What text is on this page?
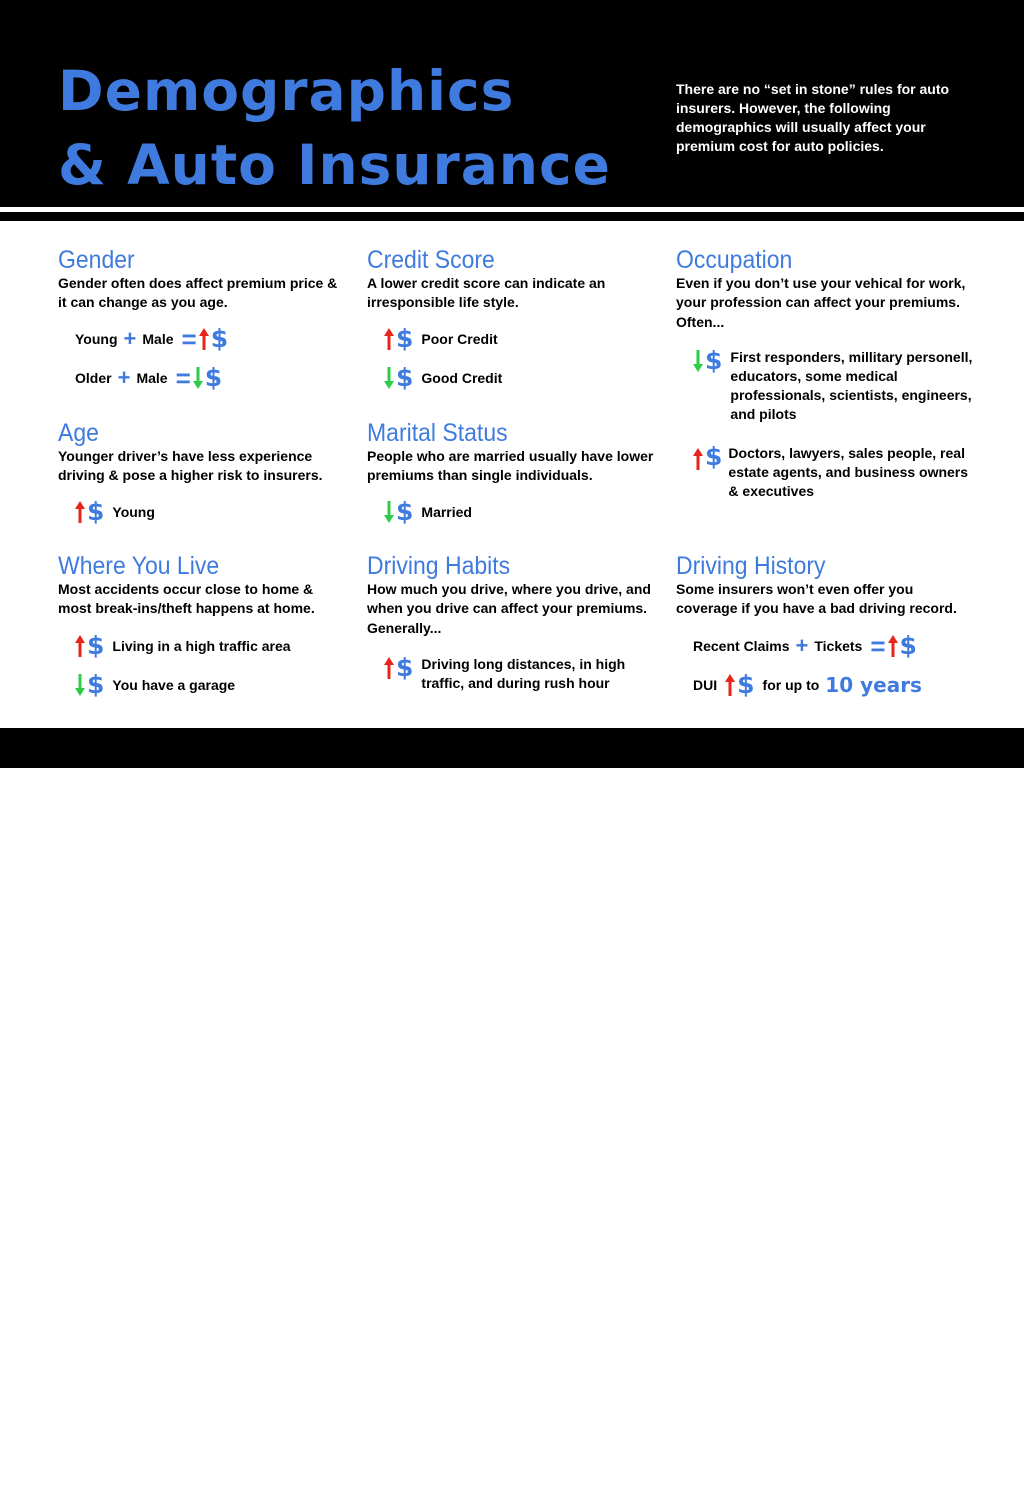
Demographics
& Auto Insurance

There are no “set in stone” rules for auto insurers. However, the following demographics will usually affect your premium cost for auto policies.

Gender

Gender often does affect premium price & it can change as you age.

Young + Male = $
Older + Male = $
Age

Younger driver’s have less experience driving & pose a higher risk to insurers.

$ Young
Where You Live

Most accidents occur close to home & most break-ins/theft happens at home.

$ Living in a high traffic area
$ You have a garage
Credit Score

A lower credit score can indicate an irresponsible life style.

$ Poor Credit
$ Good Credit
Marital Status

People who are married usually have lower premiums than single individuals.

$ Married
Driving Habits

How much you drive, where you drive, and when you drive can affect your premiums. Generally...

$ Driving long distances, in high traffic, and during rush hour
Occupation

Even if you don’t use your vehical for work, your profession can affect your premiums. Often...

$ First responders, millitary personell, educators, some medical professionals, scientists, engineers, and pilots
$ Doctors, lawyers, sales people, real estate agents, and business owners & executives
Driving History

Some insurers won’t even offer you coverage if you have a bad driving record.

Recent Claims + Tickets = $
DUI $ for up to 10 years
http://factsoninsurance.com/insurance/auto-insurance/
